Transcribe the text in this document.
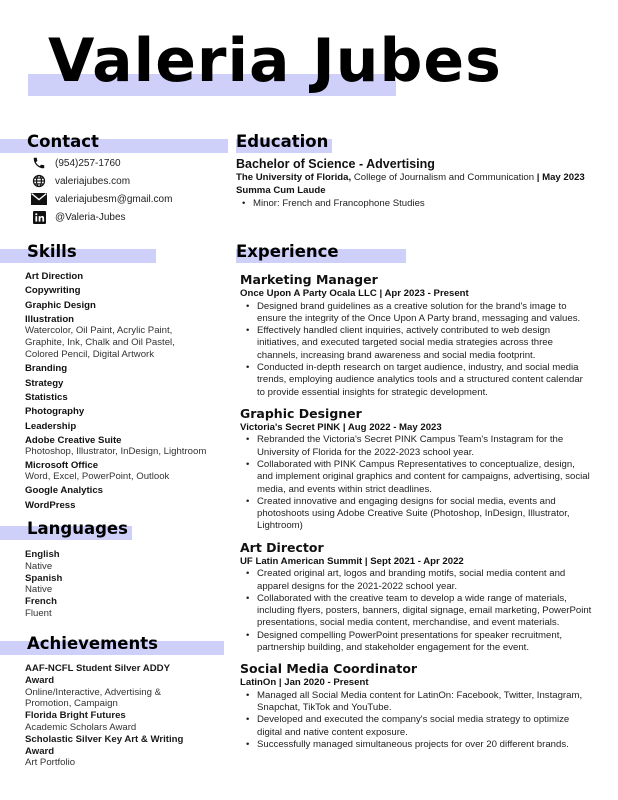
Valeria Jubes
Contact
(954)257-1760
valeriajubes.com
valeriajubesm@gmail.com
@Valeria-Jubes
Education
Bachelor of Science - Advertising
The University of Florida, College of Journalism and Communication | May 2023
Summa Cum Laude
• Minor: French and Francophone Studies
Skills
Art Direction
Copywriting
Graphic Design
Illustration
Watercolor, Oil Paint, Acrylic Paint, Graphite, Ink, Chalk and Oil Pastel, Colored Pencil, Digital Artwork
Branding
Strategy
Statistics
Photography
Leadership
Adobe Creative Suite
Photoshop, Illustrator, InDesign, Lightroom
Microsoft Office
Word, Excel, PowerPoint, Outlook
Google Analytics
WordPress
Languages
English
Native
Spanish
Native
French
Fluent
Achievements
AAF-NCFL Student Silver ADDY Award
Online/Interactive, Advertising & Promotion, Campaign
Florida Bright Futures
Academic Scholars Award
Scholastic Silver Key Art & Writing Award
Art Portfolio
Experience
Marketing Manager
Once Upon A Party Ocala LLC | Apr 2023 - Present
• Designed brand guidelines as a creative solution for the brand's image to ensure the integrity of the Once Upon A Party brand, messaging and values.
• Effectively handled client inquiries, actively contributed to web design initiatives, and executed targeted social media strategies across three channels, increasing brand awareness and social media footprint.
• Conducted in-depth research on target audience, industry, and social media trends, employing audience analytics tools and a structured content calendar to provide essential insights for strategic development.
Graphic Designer
Victoria's Secret PINK | Aug 2022 - May 2023
• Rebranded the Victoria's Secret PINK Campus Team's Instagram for the University of Florida for the 2022-2023 school year.
• Collaborated with PINK Campus Representatives to conceptualize, design, and implement original graphics and content for campaigns, advertising, social media, and events within strict deadlines.
• Created innovative and engaging designs for social media, events and photoshoots using Adobe Creative Suite (Photoshop, InDesign, Illustrator, Lightroom)
Art Director
UF Latin American Summit | Sept 2021 - Apr 2022
• Created original art, logos and branding motifs, social media content and apparel designs for the 2021-2022 school year.
• Collaborated with the creative team to develop a wide range of materials, including flyers, posters, banners, digital signage, email marketing, PowerPoint presentations, social media content, merchandise, and event materials.
• Designed compelling PowerPoint presentations for speaker recruitment, partnership building, and stakeholder engagement for the event.
Social Media Coordinator
LatinOn | Jan 2020 - Present
• Managed all Social Media content for LatinOn: Facebook, Twitter, Instagram, Snapchat, TikTok and YouTube.
• Developed and executed the company's social media strategy to optimize digital and native content exposure.
• Successfully managed simultaneous projects for over 20 different brands.
